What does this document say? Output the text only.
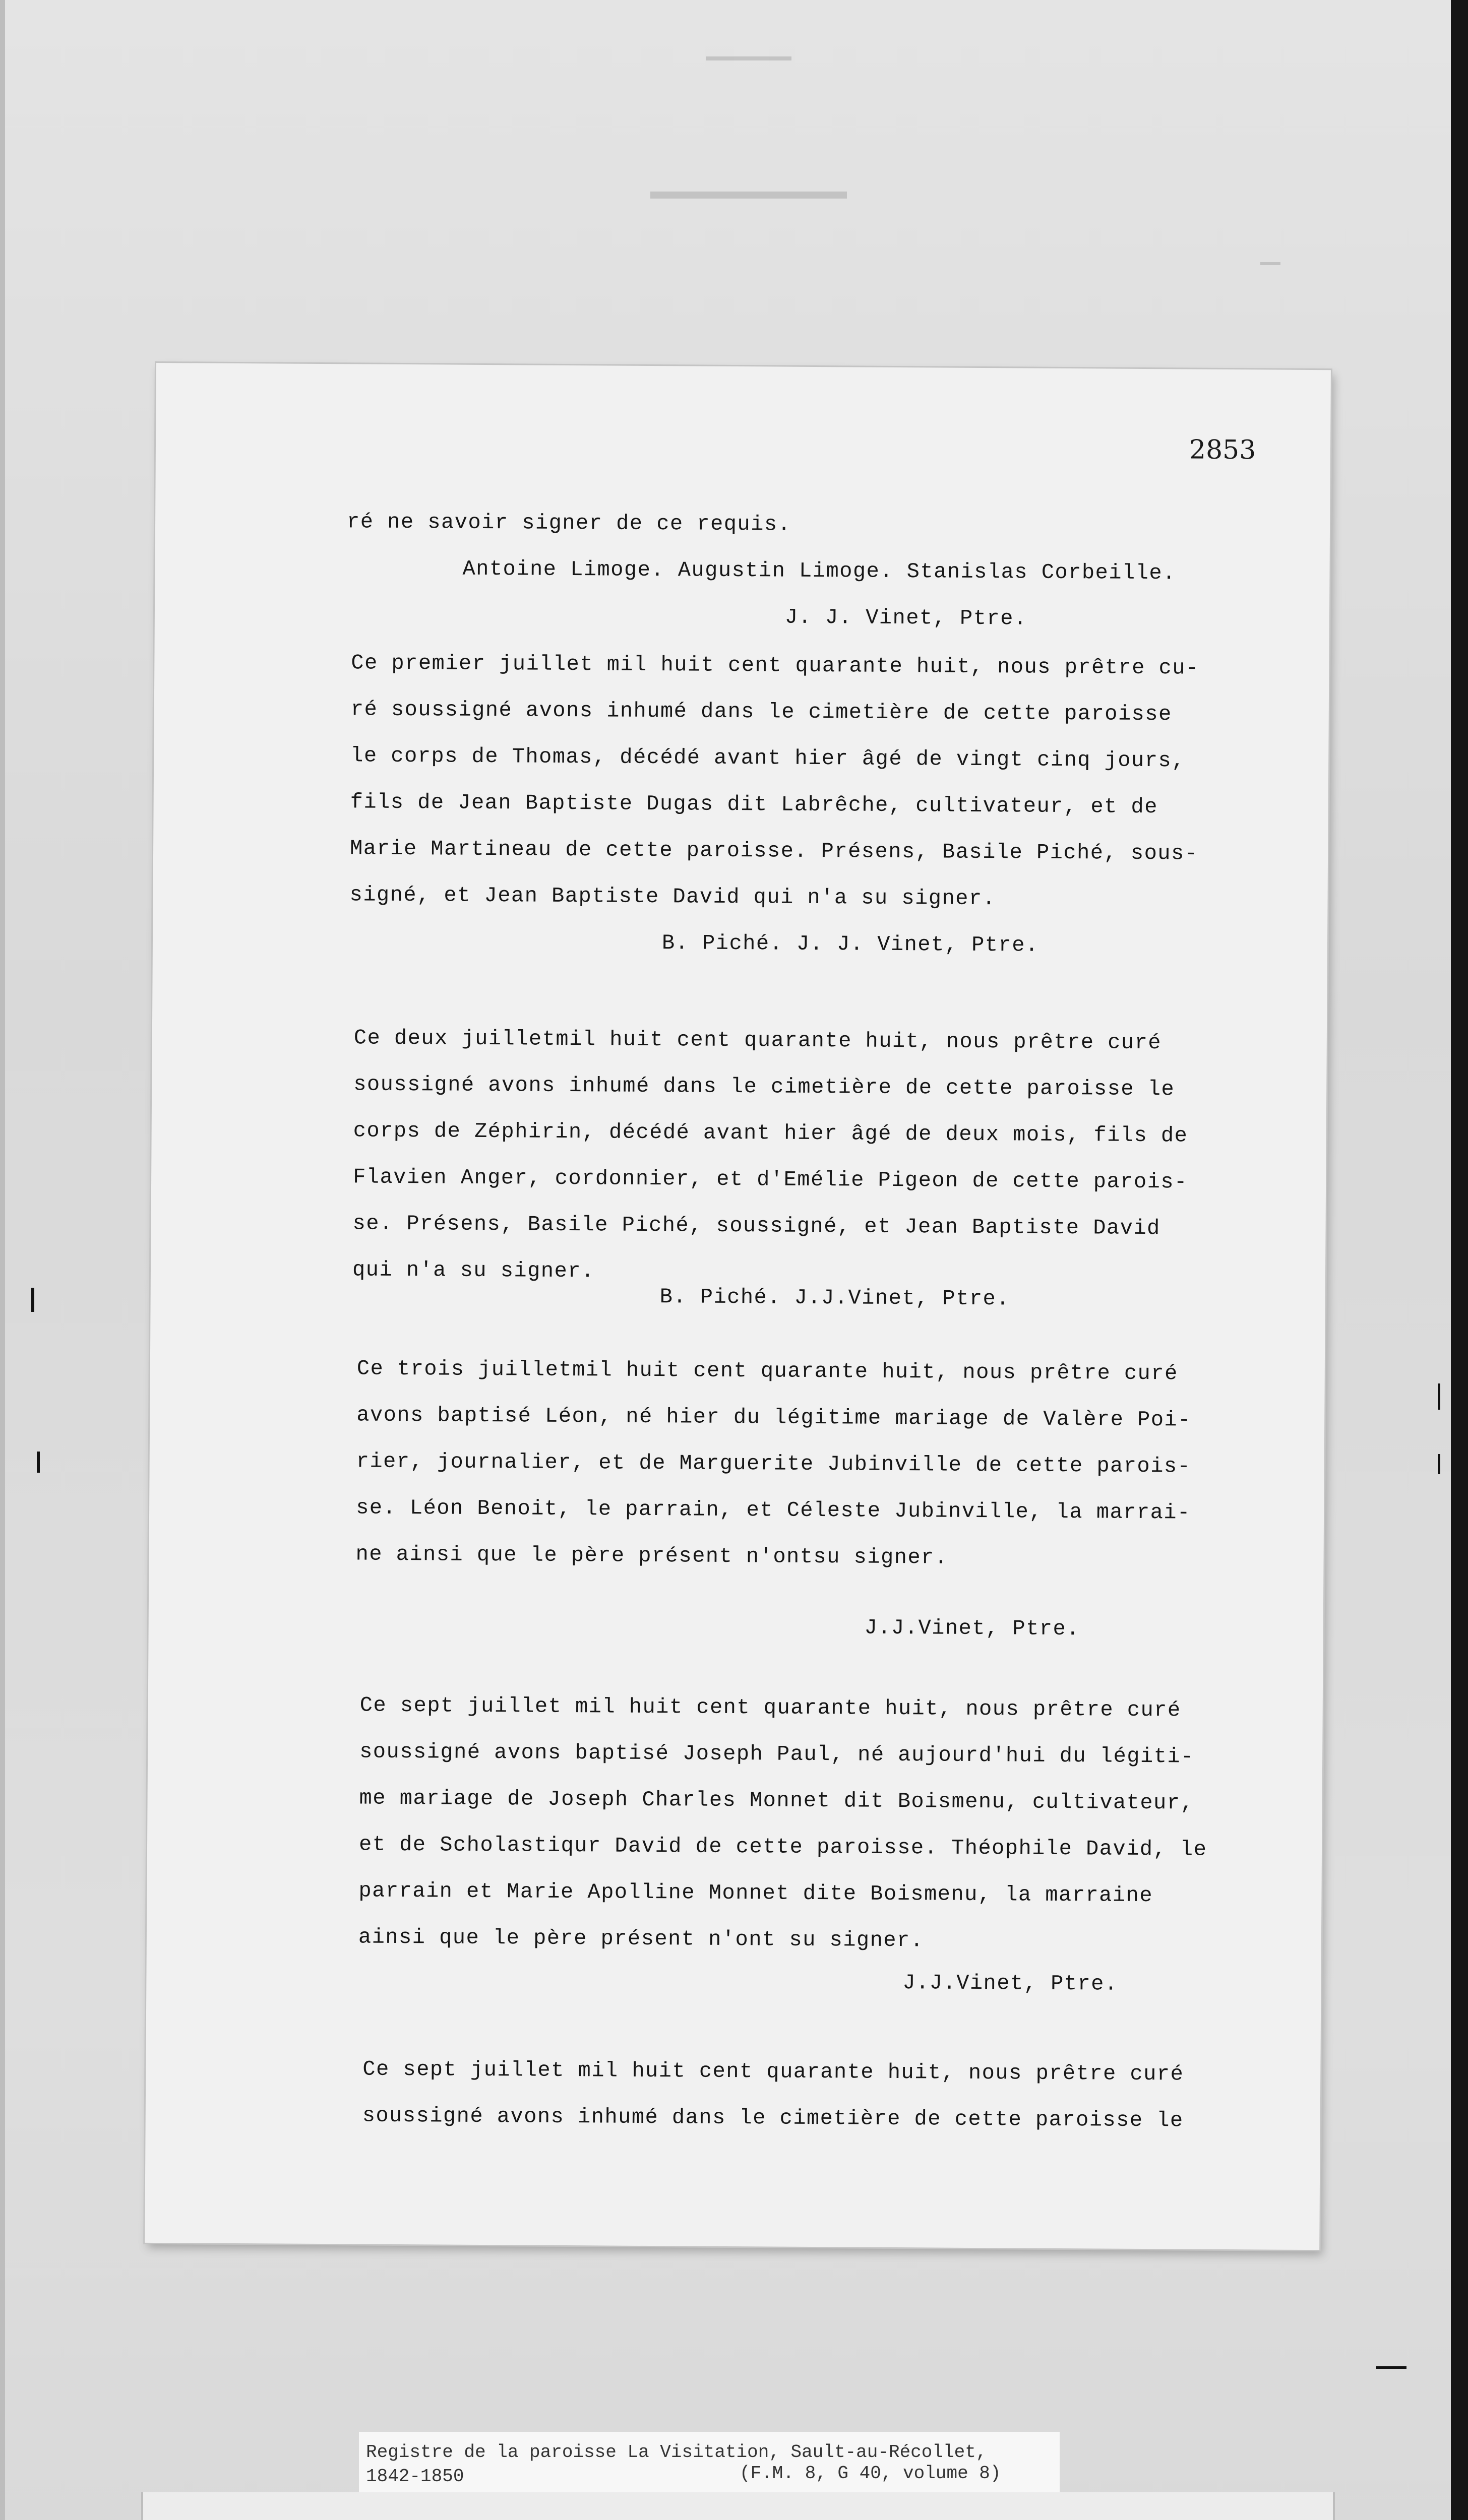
2853
ré ne savoir signer de ce requis.
Antoine Limoge. Augustin Limoge. Stanislas Corbeille.
J. J. Vinet, Ptre.
Ce premier juillet mil huit cent quarante huit, nous prêtre cu-
ré soussigné avons inhumé dans le cimetière de cette paroisse
le corps de Thomas, décédé avant hier âgé de vingt cinq jours,
fils de Jean Baptiste Dugas dit Labrêche, cultivateur, et de
Marie Martineau de cette paroisse. Présens, Basile Piché, sous-
signé, et Jean Baptiste David qui n'a su signer.
B. Piché. J. J. Vinet, Ptre.
Ce deux juilletmil huit cent quarante huit, nous prêtre curé
soussigné avons inhumé dans le cimetière de cette paroisse le
corps de Zéphirin, décédé avant hier âgé de deux mois, fils de
Flavien Anger, cordonnier, et d'Emélie Pigeon de cette parois-
se. Présens, Basile Piché, soussigné, et Jean Baptiste David
qui n'a su signer.
B. Piché. J.J.Vinet, Ptre.
Ce trois juilletmil huit cent quarante huit, nous prêtre curé
avons baptisé Léon, né hier du légitime mariage de Valère Poi-
rier, journalier, et de Marguerite Jubinville de cette parois-
se. Léon Benoit, le parrain, et Céleste Jubinville, la marrai-
ne ainsi que le père présent n'ontsu signer.
J.J.Vinet, Ptre.
Ce sept juillet mil huit cent quarante huit, nous prêtre curé
soussigné avons baptisé Joseph Paul, né aujourd'hui du légiti-
me mariage de Joseph Charles Monnet dit Boismenu, cultivateur,
et de Scholastiqur David de cette paroisse. Théophile David, le
parrain et Marie Apolline Monnet dite Boismenu, la marraine
ainsi que le père présent n'ont su signer.
J.J.Vinet, Ptre.
Ce sept juillet mil huit cent quarante huit, nous prêtre curé
soussigné avons inhumé dans le cimetière de cette paroisse le
Registre de la paroisse La Visitation, Sault-au-Récollet,
1842-1850	(F.M. 8, G 40, volume 8)
